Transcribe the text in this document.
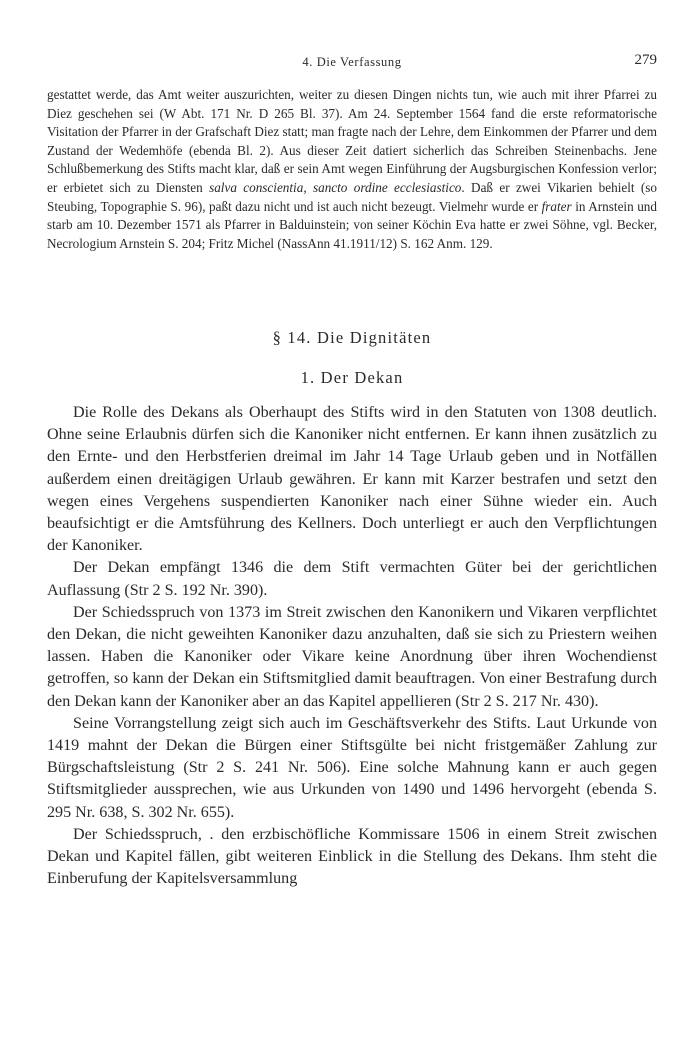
4. Die Verfassung	279

gestattet werde, das Amt weiter auszurichten, weiter zu diesen Dingen nichts tun, wie auch mit ihrer Pfarrei zu Diez geschehen sei (W Abt. 171 Nr. D 265 Bl. 37). Am 24. September 1564 fand die erste reformatorische Visitation der Pfarrer in der Grafschaft Diez statt; man fragte nach der Lehre, dem Einkommen der Pfarrer und dem Zustand der Wedemhöfe (ebenda Bl. 2). Aus dieser Zeit datiert sicherlich das Schreiben Steinenbachs. Jene Schlußbemerkung des Stifts macht klar, daß er sein Amt wegen Einführung der Augsburgischen Konfession verlor; er erbietet sich zu Diensten salva conscientia, sancto ordine ecclesiastico. Daß er zwei Vikarien behielt (so Steubing, Topographie S. 96), paßt dazu nicht und ist auch nicht bezeugt. Vielmehr wurde er frater in Arnstein und starb am 10. Dezember 1571 als Pfarrer in Balduinstein; von seiner Köchin Eva hatte er zwei Söhne, vgl. Becker, Necrologium Arnstein S. 204; Fritz Michel (NassAnn 41.1911/12) S. 162 Anm. 129.

§ 14. Die Dignitäten
1. Der Dekan

Die Rolle des Dekans als Oberhaupt des Stifts wird in den Statuten von 1308 deutlich. Ohne seine Erlaubnis dürfen sich die Kanoniker nicht entfernen. Er kann ihnen zusätzlich zu den Ernte- und den Herbstferien dreimal im Jahr 14 Tage Urlaub geben und in Notfällen außerdem einen dreitägigen Urlaub gewähren. Er kann mit Karzer bestrafen und setzt den wegen eines Vergehens suspendierten Kanoniker nach einer Sühne wieder ein. Auch beaufsichtigt er die Amtsführung des Kellners. Doch unterliegt er auch den Verpflichtungen der Kanoniker.

Der Dekan empfängt 1346 die dem Stift vermachten Güter bei der gerichtlichen Auflassung (Str 2 S. 192 Nr. 390).

Der Schiedsspruch von 1373 im Streit zwischen den Kanonikern und Vikaren verpflichtet den Dekan, die nicht geweihten Kanoniker dazu anzuhalten, daß sie sich zu Priestern weihen lassen. Haben die Kanoniker oder Vikare keine Anordnung über ihren Wochendienst getroffen, so kann der Dekan ein Stiftsmitglied damit beauftragen. Von einer Bestrafung durch den Dekan kann der Kanoniker aber an das Kapitel appellieren (Str 2 S. 217 Nr. 430).

Seine Vorrangstellung zeigt sich auch im Geschäftsverkehr des Stifts. Laut Urkunde von 1419 mahnt der Dekan die Bürgen einer Stiftsgülte bei nicht fristgemäßer Zahlung zur Bürgschaftsleistung (Str 2 S. 241 Nr. 506). Eine solche Mahnung kann er auch gegen Stiftsmitglieder aussprechen, wie aus Urkunden von 1490 und 1496 hervorgeht (ebenda S. 295 Nr. 638, S. 302 Nr. 655).

Der Schiedsspruch, . den erzbischöfliche Kommissare 1506 in einem Streit zwischen Dekan und Kapitel fällen, gibt weiteren Einblick in die Stellung des Dekans. Ihm steht die Einberufung der Kapitelsversammlung
